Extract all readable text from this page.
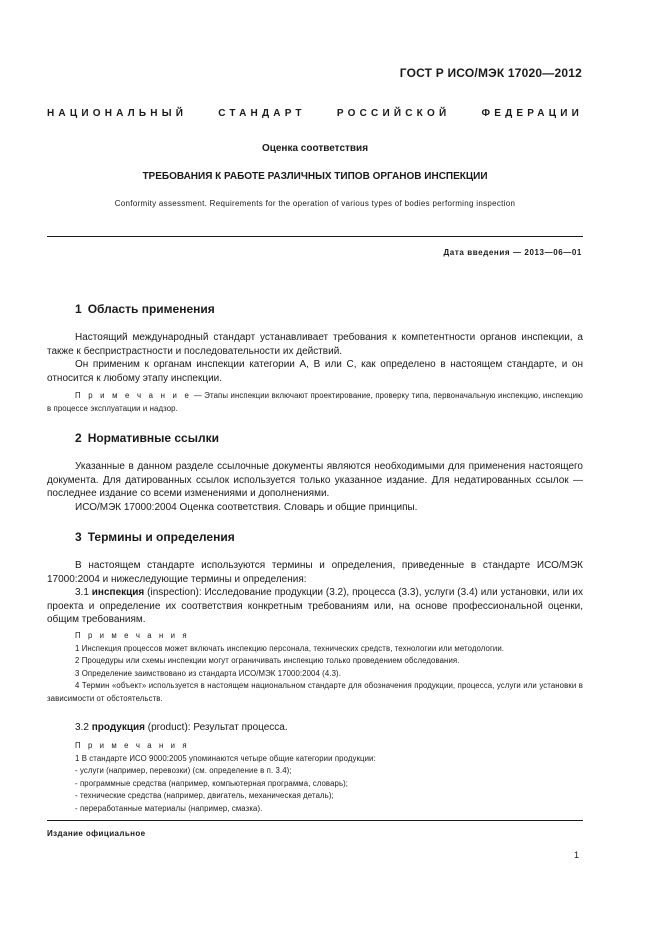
ГОСТ Р ИСО/МЭК 17020—2012
НАЦИОНАЛЬНЫЙ	СТАНДАРТ	РОССИЙСКОЙ	ФЕДЕРАЦИИ
Оценка соответствия
ТРЕБОВАНИЯ К РАБОТЕ РАЗЛИЧНЫХ ТИПОВ ОРГАНОВ ИНСПЕКЦИИ
Conformity assessment. Requirements for the operation of various types of bodies performing inspection
Дата введения — 2013—06—01
1 Область применения

Настоящий международный стандарт устанавливает требования к компетентности органов инспекции, а также к беспристрастности и последовательности их действий.

Он применим к органам инспекции категории А, В или С, как определено в настоящем стандарте, и он относится к любому этапу инспекции.

П р и м е ч а н и е — Этапы инспекции включают проектирование, проверку типа, первоначальную инспекцию, инспекцию в процессе эксплуатации и надзор.

2 Нормативные ссылки

Указанные в данном разделе ссылочные документы являются необходимыми для применения настоящего документа. Для датированных ссылок используется только указанное издание. Для недатированных ссылок — последнее издание со всеми изменениями и дополнениями.

ИСО/МЭК 17000:2004 Оценка соответствия. Словарь и общие принципы.

3 Термины и определения

В настоящем стандарте используются термины и определения, приведенные в стандарте ИСО/МЭК 17000:2004 и нижеследующие термины и определения:

3.1 инспекция (inspection): Исследование продукции (3.2), процесса (3.3), услуги (3.4) или установки, или их проекта и определение их соответствия конкретным требованиям или, на основе профессиональной оценки, общим требованиям.

П р и м е ч а н и я

1 Инспекция процессов может включать инспекцию персонала, технических средств, технологии или методологии.

2 Процедуры или схемы инспекции могут ограничивать инспекцию только проведением обследования.

3 Определение заимствовано из стандарта ИСО/МЭК 17000:2004 (4.3).

4 Термин «объект» используется в настоящем национальном стандарте для обозначения продукции, процесса, услуги или установки в зависимости от обстоятельств.

3.2 продукция (product): Результат процесса.

П р и м е ч а н и я

1 В стандарте ИСО 9000:2005 упоминаются четыре общие категории продукции:

- услуги (например, перевозки) (см. определение в п. 3.4);

- программные средства (например, компьютерная программа, словарь);

- технические средства (например, двигатель, механическая деталь);

- переработанные материалы (например, смазка).

Издание официальное
1
